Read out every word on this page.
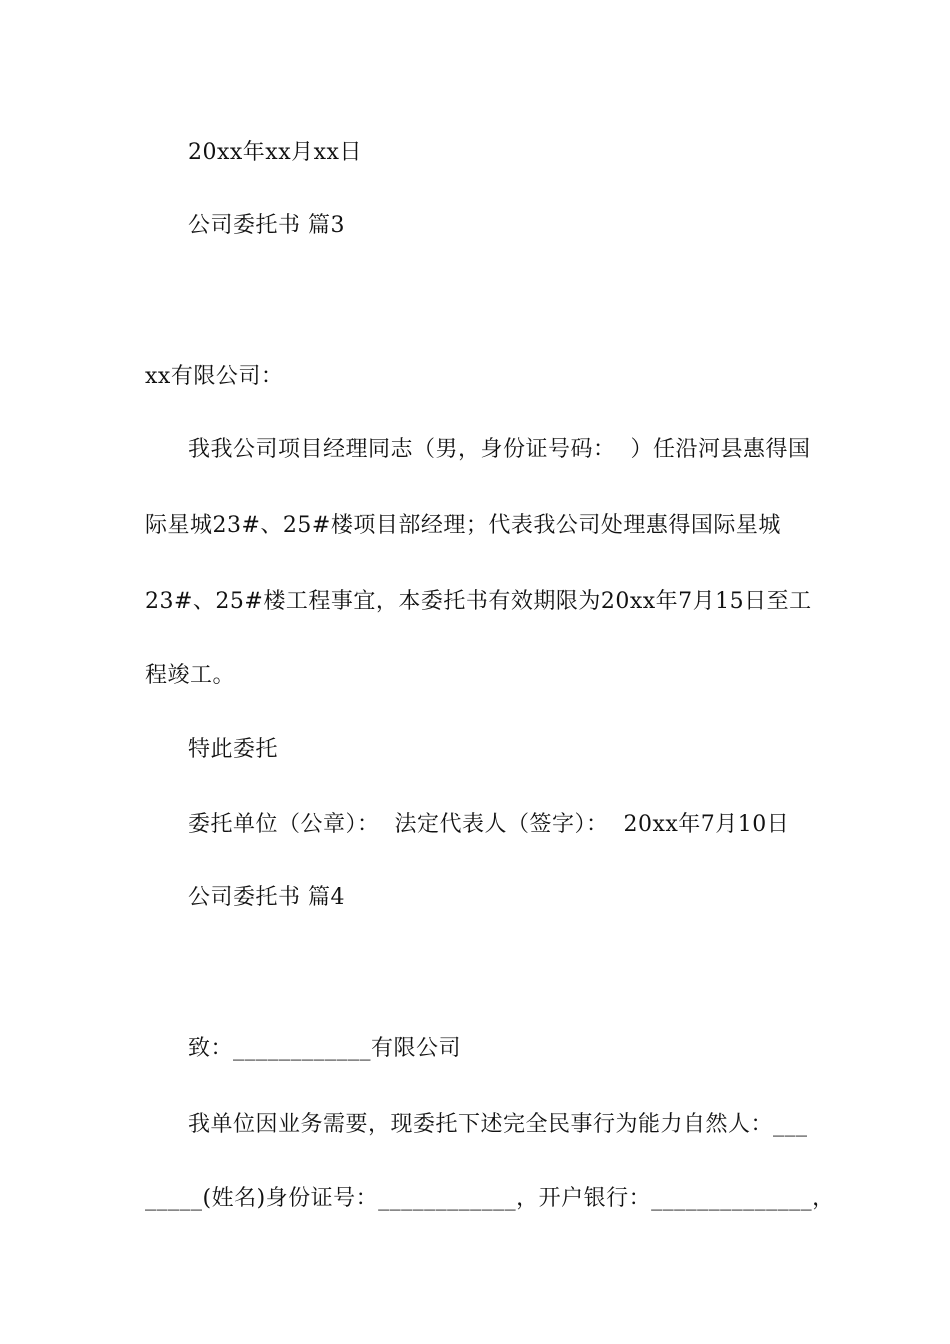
20xx年xx月xx日
公司委托书 篇3
xx有限公司：
我我公司项目经理同志（男，身份证号码：  ）任沿河县惠得国
际星城23#、25#楼项目部经理；代表我公司处理惠得国际星城
23#、25#楼工程事宜，本委托书有效期限为20xx年7月15日至工
程竣工。
特此委托
委托单位（公章）：  法定代表人（签字）：  20xx年7月10日
公司委托书 篇4
致：____________有限公司
我单位因业务需要，现委托下述完全民事行为能力自然人：___
_____(姓名)身份证号：____________，开户银行：______________，
